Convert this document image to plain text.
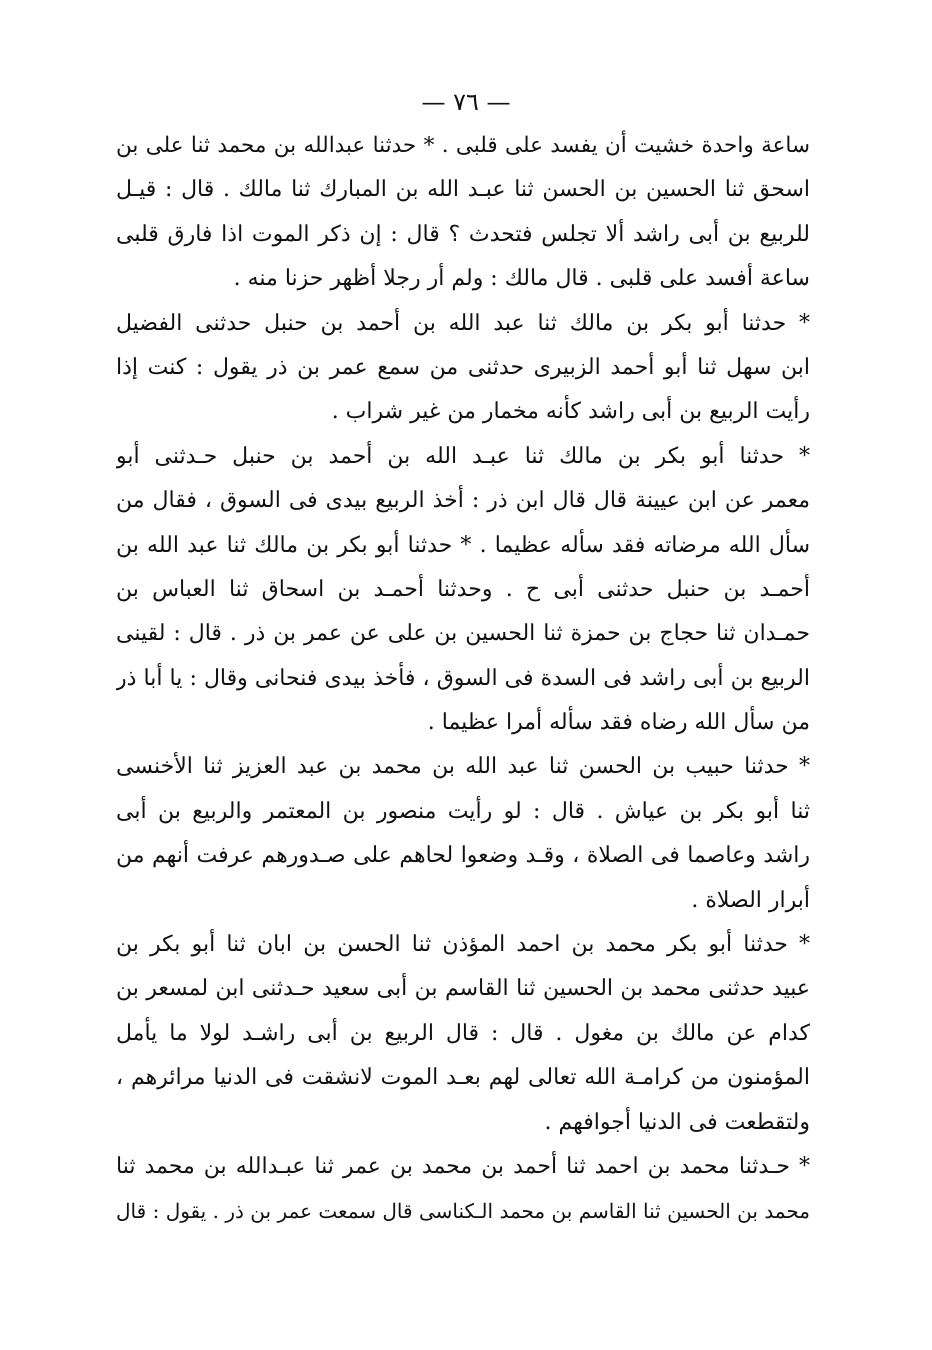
— ٧٦ —
ساعة واحدة خشيت أن يفسد على قلبى . * حدثنا عبدالله بن محمد ثنا على بن
اسحق ثنا الحسين بن الحسن ثنا عبـد الله بن المبارك ثنا مالك . قال : قيـل
للربيع بن أبى راشد ألا تجلس فتحدث ؟ قال : إن ذكر الموت اذا فارق قلبى
ساعة أفسد على قلبى . قال مالك : ولم أر رجلا أظهر حزنا منه .
* حدثنا أبو بكر بن مالك ثنا عبد الله بن أحمد بن حنبل حدثنى الفضيل
ابن سهل ثنا أبو أحمد الزبيرى حدثنى من سمع عمر بن ذر يقول : كنت إذا
رأيت الربيع بن أبى راشد كأنه مخمار من غير شراب .
* حدثنا أبو بكر بن مالك ثنا عبـد الله بن أحمد بن حنبل حـدثنى أبو
معمر عن ابن عيينة قال قال ابن ذر : أخذ الربيع بيدى فى السوق ، فقال من
سأل الله مرضاته فقد سأله عظيما . * حدثنا أبو بكر بن مالك ثنا عبد الله بن
أحمـد بن حنبل حدثنى أبى ح . وحدثنا أحمـد بن اسحاق ثنا العباس بن
حمـدان ثنا حجاج بن حمزة ثنا الحسين بن على عن عمر بن ذر . قال : لقينى
الربيع بن أبى راشد فى السدة فى السوق ، فأخذ بيدى فنحانى وقال : يا أبا ذر
من سأل الله رضاه فقد سأله أمرا عظيما .
* حدثنا حبيب بن الحسن ثنا عبد الله بن محمد بن عبد العزيز ثنا الأخنسى
ثنا أبو بكر بن عياش . قال : لو رأيت منصور بن المعتمر والربيع بن أبى
راشد وعاصما فى الصلاة ، وقـد وضعوا لحاهم على صـدورهم عرفت أنهم من
أبرار الصلاة .
* حدثنا أبو بكر محمد بن احمد المؤذن ثنا الحسن بن ابان ثنا أبو بكر بن
عبيد حدثنى محمد بن الحسين ثنا القاسم بن أبى سعيد حـدثنى ابن لمسعر بن
كدام عن مالك بن مغول . قال : قال الربيع بن أبى راشـد لولا ما يأمل
المؤمنون من كرامـة الله تعالى لهم بعـد الموت لانشقت فى الدنيا مرائرهم ،
ولتقطعت فى الدنيا أجوافهم .
* حـدثنا محمد بن احمد ثنا أحمد بن محمد بن عمر ثنا عبـدالله بن محمد ثنا
محمد بن الحسين ثنا القاسم بن محمد الـكناسى قال سمعت عمر بن ذر . يقول : قال
